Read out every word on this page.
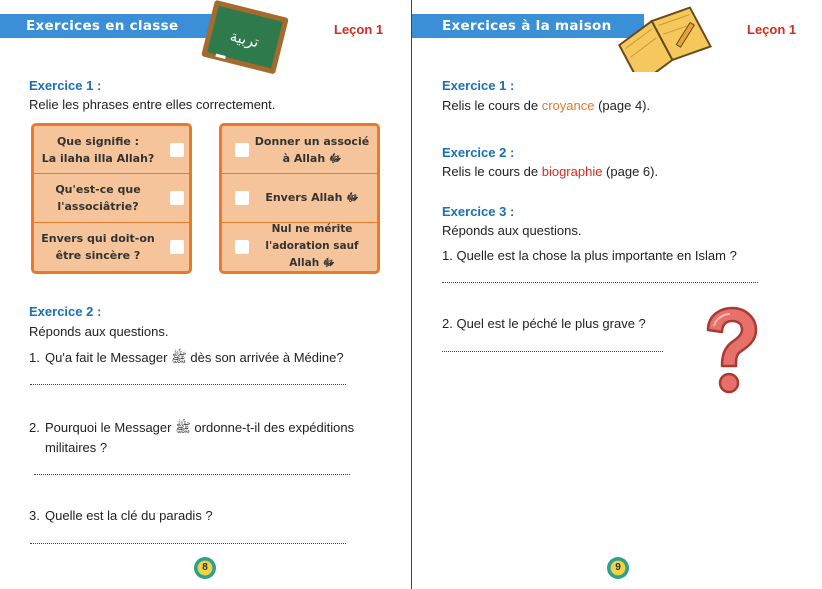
Exercices en classe
تربية	Leçon 1
Exercice 1 :
Relie les phrases entre elles correctement.
Que signifie :
La ilaha illa Allah?
Qu'est-ce que
l'associâtrie?
Envers qui doit-on
être sincère ?
Donner un associé
à Allah ﷻ
Envers Allah ﷻ
Nul ne mérite
l'adoration sauf Allah ﷻ
Exercice 2 :
Réponds aux questions.
1. Qu'a fait le Messager ﷺ dès son arrivée à Médine?
2. Pourquoi le Messager ﷺ ordonne-t-il des expéditions
militaires ?
3. Quelle est la clé du paradis ?
8
Exercices à la maison	Leçon 1
Exercice 1 :
Relis le cours de croyance (page 4).
Exercice 2 :
Relis le cours de biographie (page 6).
Exercice 3 :
Réponds aux questions.
1. Quelle est la chose la plus importante en Islam ?
2. Quel est le péché le plus grave ?
9
